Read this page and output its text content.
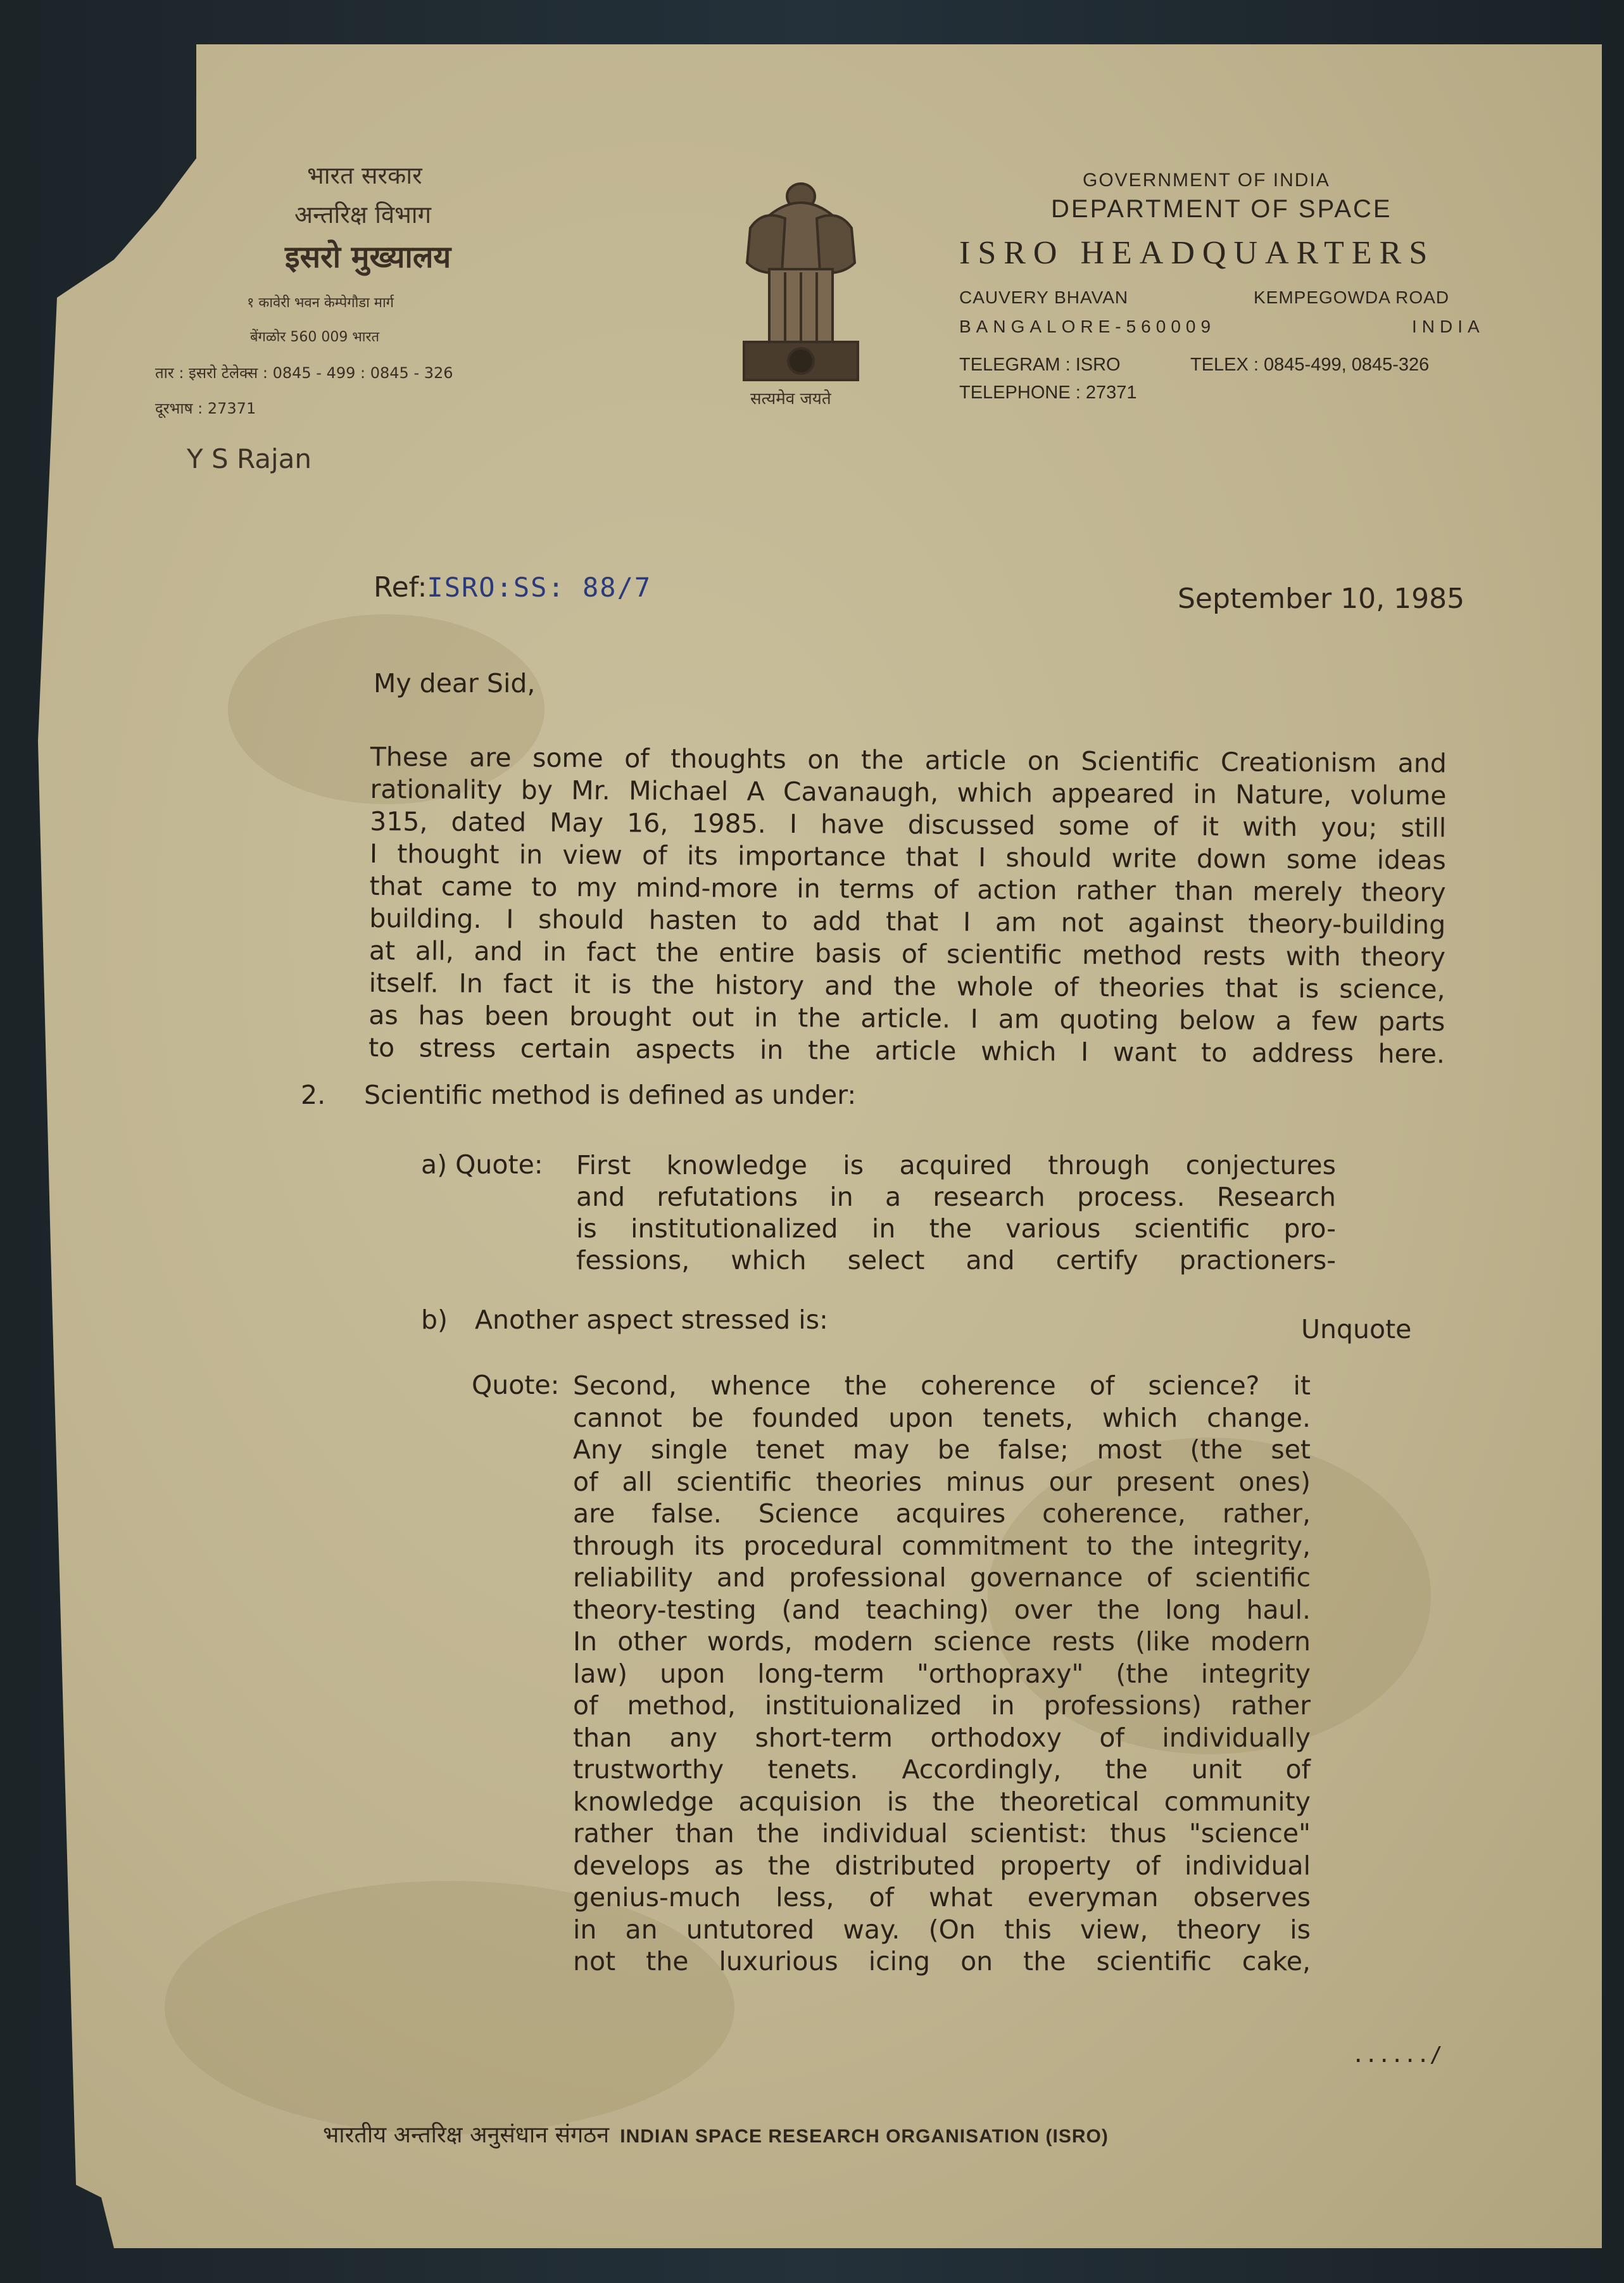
भारत सरकार
अन्तरिक्ष विभाग
इसरो मुख्यालय
१ कावेरी भवन केम्पेगौडा मार्ग
बेंगळोर 560 009 भारत
तार : इसरो टेलेक्स : 0845 - 499 : 0845 - 326
दूरभाष : 27371	सत्यमेव जयते
GOVERNMENT OF INDIA
DEPARTMENT OF SPACE
ISRO HEADQUARTERS
CAUVERY BHAVAN	KEMPEGOWDA ROAD
BANGALORE-560009	INDIA
TELEGRAM : ISRO	TELEX : 0845-499, 0845-326
TELEPHONE : 27371
Y S Rajan
Ref:ISRO:SS: 88/7	September 10, 1985
My dear Sid,
These are some of thoughts on the article on Scientific Creationism and
rationality by Mr. Michael A Cavanaugh, which appeared in Nature, volume
315, dated May 16, 1985. I have discussed some of it with you; still
I thought in view of its importance that I should write down some ideas
that came to my mind-more in terms of action rather than merely theory
building. I should hasten to add that I am not against theory-building
at all, and in fact the entire basis of scientific method rests with theory
itself. In fact it is the history and the whole of theories that is science,
as has been brought out in the article. I am quoting below a few parts
to stress certain aspects in the article which I want to address here.
2. Scientific method is defined as under:
a) Quote: First knowledge is acquired through conjectures
and refutations in a research process. Research
is institutionalized in the various scientific pro-
fessions, which select and certify practioners-
b) Another aspect stressed is:	Unquote
Quote: Second, whence the coherence of science? it
cannot be founded upon tenets, which change.
Any single tenet may be false; most (the set
of all scientific theories minus our present ones)
are false. Science acquires coherence, rather,
through its procedural commitment to the integrity,
reliability and professional governance of scientific
theory-testing (and teaching) over the long haul.
In other words, modern science rests (like modern
law) upon long-term "orthopraxy" (the integrity
of method, instituionalized in professions) rather
than any short-term orthodoxy of individually
trustworthy tenets. Accordingly, the unit of
knowledge acquision is the theoretical community
rather than the individual scientist: thus "science"
develops as the distributed property of individual
genius-much less, of what everyman observes
in an untutored way. (On this view, theory is
not the luxurious icing on the scientific cake,
....../
भारतीय अन्तरिक्ष अनुसंधान संगठन INDIAN SPACE RESEARCH ORGANISATION (ISRO)
